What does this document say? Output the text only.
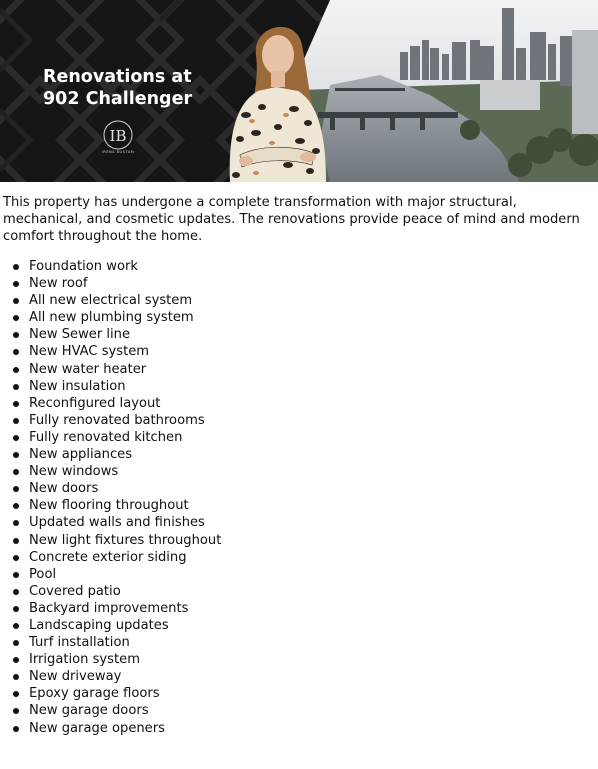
Renovations at
902 Challenger
IB
IRENA BUSTAM

This property has undergone a complete transformation with major structural, mechanical, and cosmetic updates. The renovations provide peace of mind and modern comfort throughout the home.

Foundation work
New roof
All new electrical system
All new plumbing system
New Sewer line
New HVAC system
New water heater
New insulation
Reconfigured layout
Fully renovated bathrooms
Fully renovated kitchen
New appliances
New windows
New doors
New flooring throughout
Updated walls and finishes
New light fixtures throughout
Concrete exterior siding
Pool
Covered patio
Backyard improvements
Landscaping updates
Turf installation
Irrigation system
New driveway
Epoxy garage floors
New garage doors
New garage openers
